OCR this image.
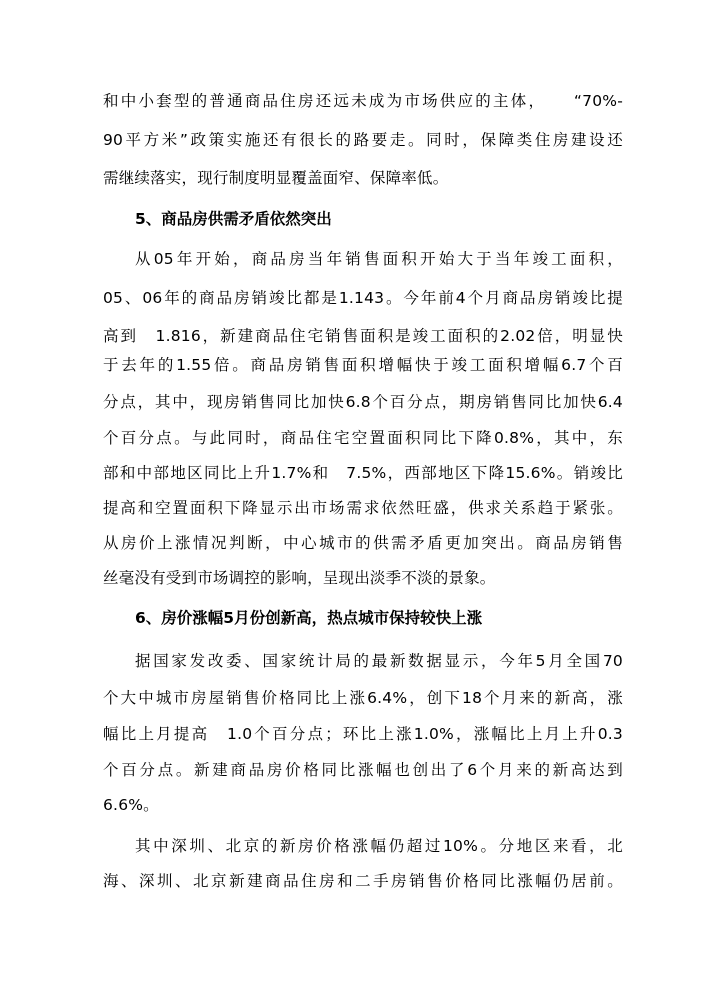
和中小套型的普通商品住房还远未成为市场供应的主体，　　“70%-
90平方米”政策实施还有很长的路要走。同时，保障类住房建设还
需继续落实，现行制度明显覆盖面窄、保障率低。
5、商品房供需矛盾依然突出
从05年开始，商品房当年销售面积开始大于当年竣工面积，
05、06年的商品房销竣比都是1.143。今年前4个月商品房销竣比提
高到　1.816，新建商品住宅销售面积是竣工面积的2.02倍，明显快
于去年的1.55倍。商品房销售面积增幅快于竣工面积增幅6.7个百
分点，其中，现房销售同比加快6.8个百分点，期房销售同比加快6.4
个百分点。与此同时，商品住宅空置面积同比下降0.8%，其中，东
部和中部地区同比上升1.7%和　7.5%，西部地区下降15.6%。销竣比
提高和空置面积下降显示出市场需求依然旺盛，供求关系趋于紧张。
从房价上涨情况判断，中心城市的供需矛盾更加突出。商品房销售
丝毫没有受到市场调控的影响，呈现出淡季不淡的景象。
6、房价涨幅5月份创新高，热点城市保持较快上涨
据国家发改委、国家统计局的最新数据显示，今年5月全国70
个大中城市房屋销售价格同比上涨6.4%，创下18个月来的新高，涨
幅比上月提高　1.0个百分点；环比上涨1.0%，涨幅比上月上升0.3
个百分点。新建商品房价格同比涨幅也创出了6个月来的新高达到
6.6%。
其中深圳、北京的新房价格涨幅仍超过10%。分地区来看，北
海、深圳、北京新建商品住房和二手房销售价格同比涨幅仍居前。
